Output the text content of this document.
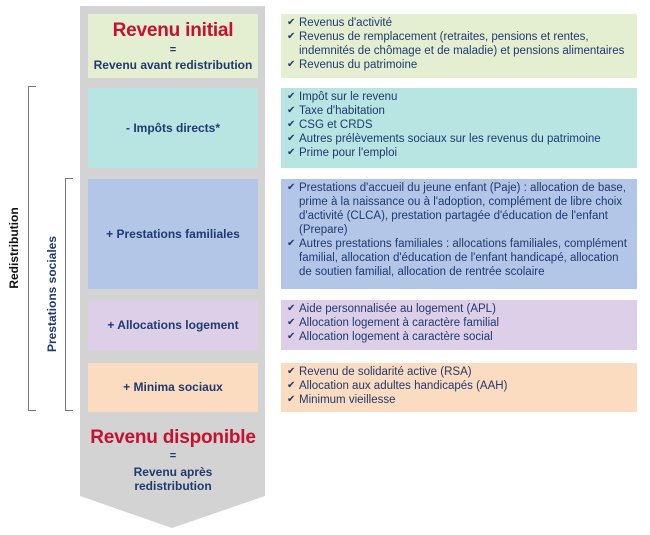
Redistribution Prestations sociales
Revenu initial
=
Revenu avant redistribution
- Impôts directs*
+ Prestations familiales
+ Allocations logement
+ Minima sociaux
Revenu disponible
=
Revenu après
redistribution
✔ Revenus d'activité
✔ Revenus de remplacement (retraites, pensions et rentes, indemnités de chômage et de maladie) et pensions alimentaires
✔ Revenus du patrimoine
✔ Impôt sur le revenu
✔ Taxe d'habitation
✔ CSG et CRDS
✔ Autres prélèvements sociaux sur les revenus du patrimoine
✔ Prime pour l'emploi
✔ Prestations d'accueil du jeune enfant (Paje) : allocation de base, prime à la naissance ou à l'adoption, complément de libre choix d'activité (CLCA), prestation partagée d'éducation de l'enfant (Prepare)
✔ Autres prestations familiales : allocations familiales, complément familial, allocation d'éducation de l'enfant handicapé, allocation de soutien familial, allocation de rentrée scolaire
✔ Aide personnalisée au logement (APL)
✔ Allocation logement à caractère familial
✔ Allocation logement à caractère social
✔ Revenu de solidarité active (RSA)
✔ Allocation aux adultes handicapés (AAH)
✔ Minimum vieillesse
